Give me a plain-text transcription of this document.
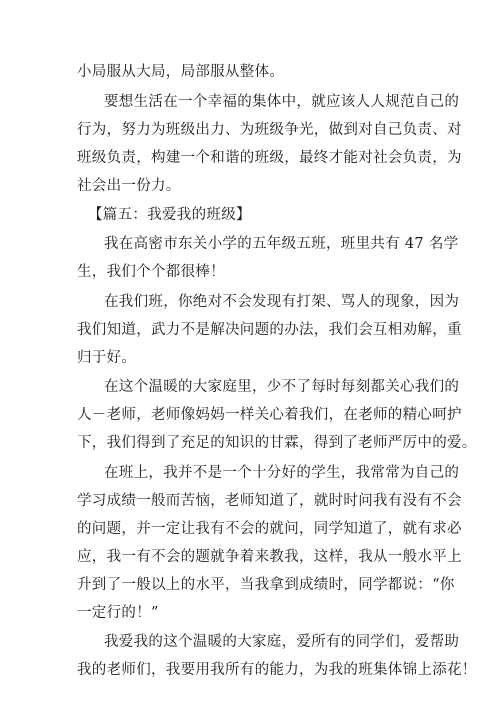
小局服从大局，局部服从整体。
要想生活在一个幸福的集体中，就应该人人规范自己的
行为，努力为班级出力、为班级争光，做到对自己负责、对
班级负责，构建一个和谐的班级，最终才能对社会负责，为
社会出一份力。
【篇五：我爱我的班级】
我在高密市东关小学的五年级五班，班里共有 47 名学
生，我们个个都很棒！
在我们班，你绝对不会发现有打架、骂人的现象，因为
我们知道，武力不是解决问题的办法，我们会互相劝解，重
归于好。
在这个温暖的大家庭里，少不了每时每刻都关心我们的
人－老师，老师像妈妈一样关心着我们，在老师的精心呵护
下，我们得到了充足的知识的甘霖，得到了老师严厉中的爱。
在班上，我并不是一个十分好的学生，我常常为自己的
学习成绩一般而苦恼，老师知道了，就时时问我有没有不会
的问题，并一定让我有不会的就问，同学知道了，就有求必
应，我一有不会的题就争着来教我，这样，我从一般水平上
升到了一般以上的水平，当我拿到成绩时，同学都说：“你
一定行的！”
我爱我的这个温暖的大家庭，爱所有的同学们，爱帮助
我的老师们，我要用我所有的能力，为我的班集体锦上添花！
